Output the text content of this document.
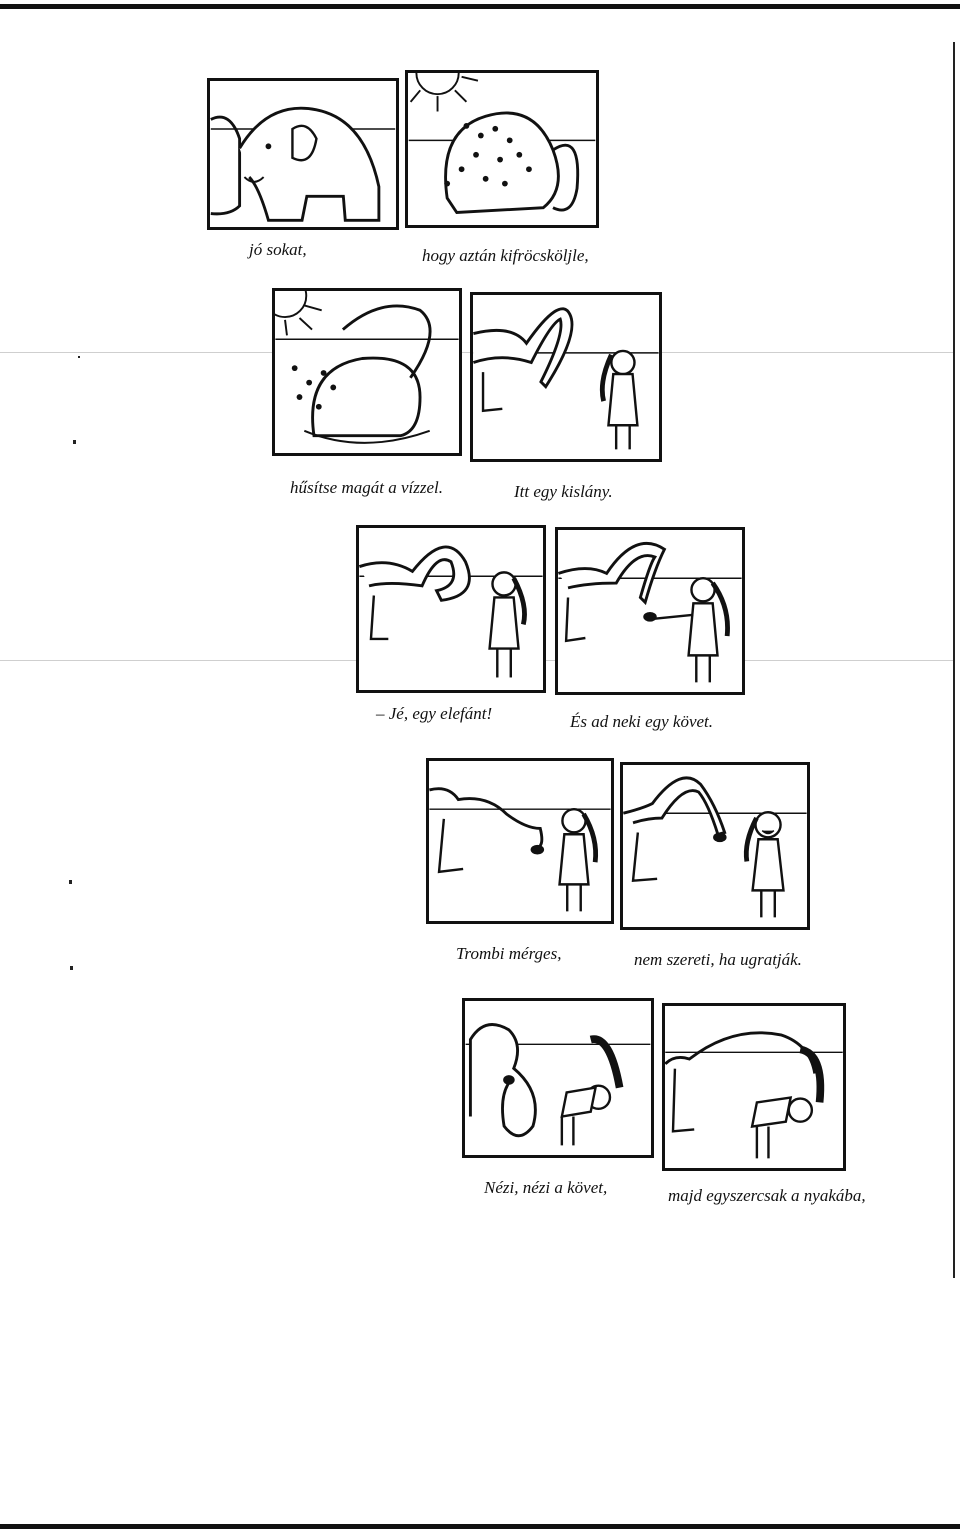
jó sokat,	hogy aztán kifröcsköljle,
hűsítse magát a vízzel.	Itt egy kislány.
– Jé, egy elefánt!	És ad neki egy követ.
Trombi mérges,	nem szereti, ha ugratják.
Nézi, nézi a követ,	majd egyszercsak a nyakába,
